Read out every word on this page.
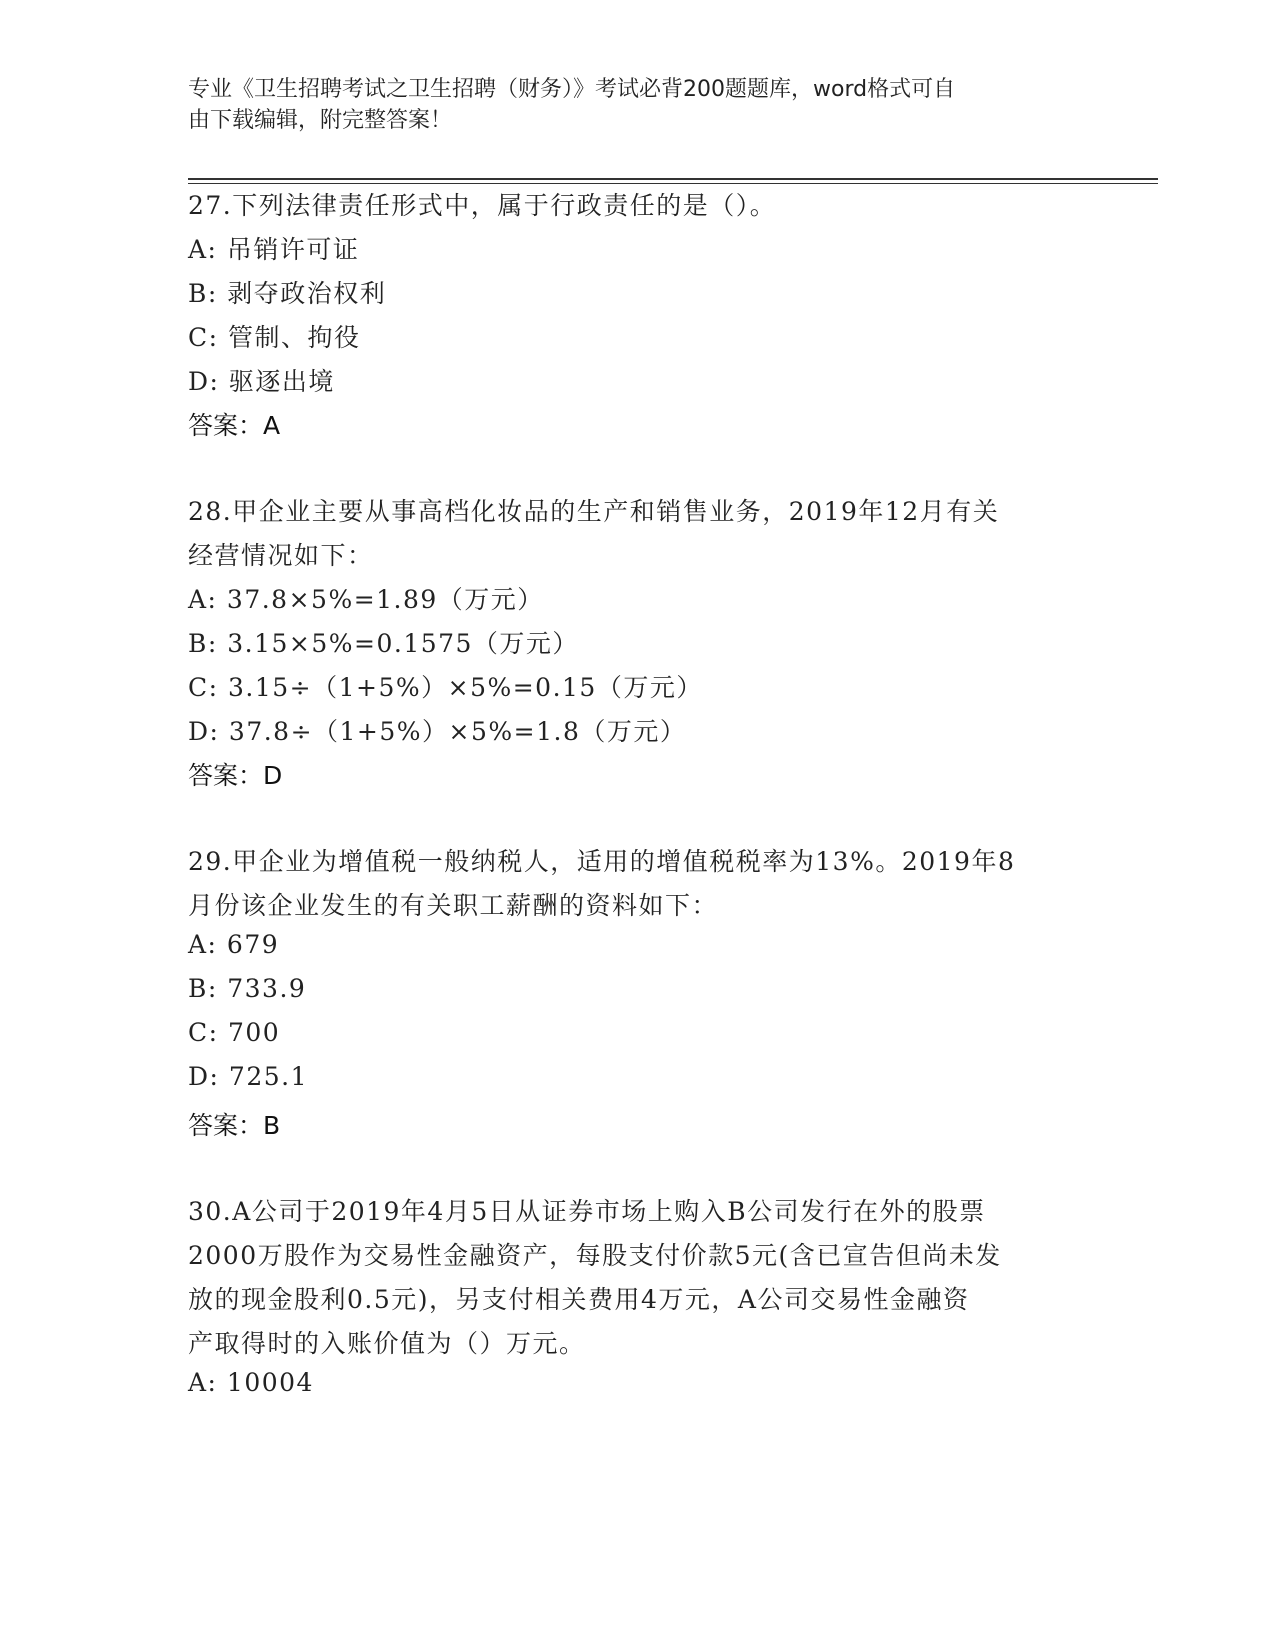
专业《卫生招聘考试之卫生招聘（财务）》考试必背200题题库，word格式可自
由下载编辑，附完整答案！
27.下列法律责任形式中，属于行政责任的是（）。
A: 吊销许可证
B: 剥夺政治权利
C: 管制、拘役
D: 驱逐出境
答案：A
28.甲企业主要从事高档化妆品的生产和销售业务，2019年12月有关
经营情况如下：
A: 37.8×5%=1.89（万元）
B: 3.15×5%=0.1575（万元）
C: 3.15÷（1+5%）×5%=0.15（万元）
D: 37.8÷（1+5%）×5%=1.8（万元）
答案：D
29.甲企业为增值税一般纳税人，适用的增值税税率为13%。2019年8
月份该企业发生的有关职工薪酬的资料如下：
A: 679
B: 733.9
C: 700
D: 725.1
答案：B
30.A公司于2019年4月5日从证券市场上购入B公司发行在外的股票
2000万股作为交易性金融资产，每股支付价款5元(含已宣告但尚未发
放的现金股利0.5元)，另支付相关费用4万元，A公司交易性金融资
产取得时的入账价值为（）万元。
A: 10004
